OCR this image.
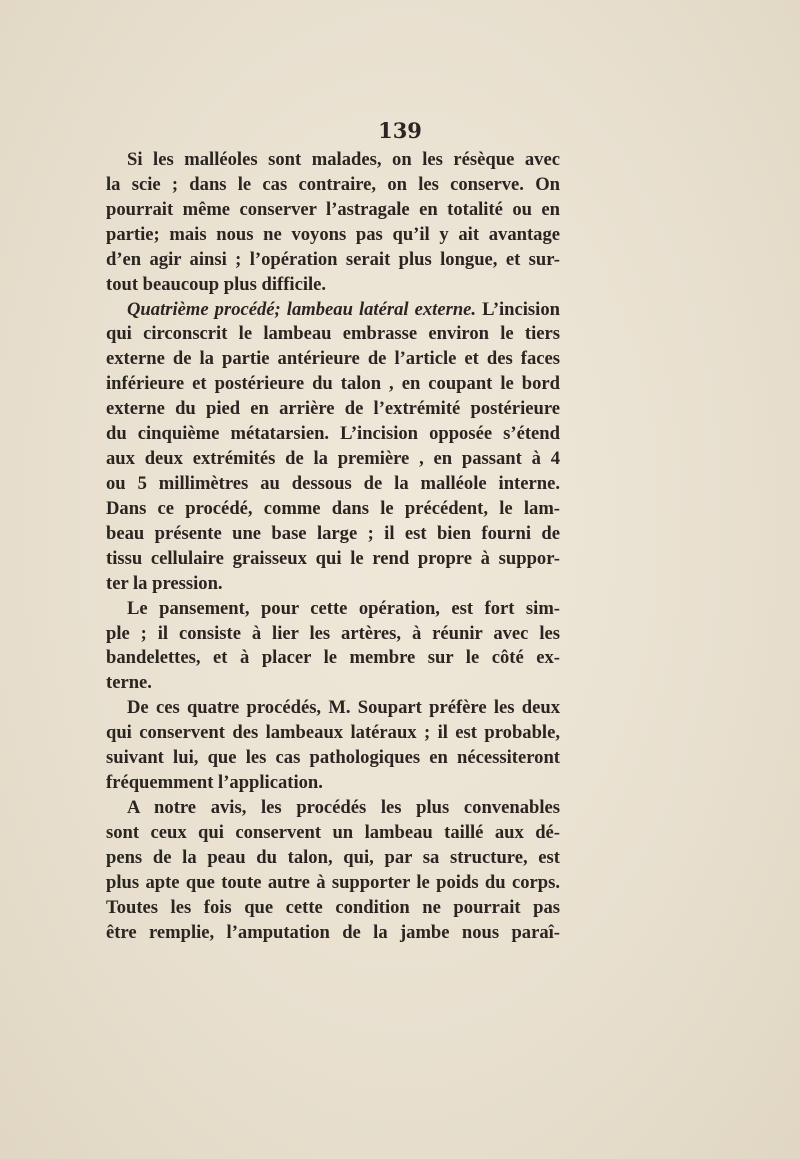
139
Si les malléoles sont malades, on les résèque avec
la scie ; dans le cas contraire, on les conserve. On
pourrait même conserver l’astragale en totalité ou en
partie; mais nous ne voyons pas qu’il y ait avantage
d’en agir ainsi ; l’opération serait plus longue, et sur-
tout beaucoup plus difficile.
Quatrième procédé; lambeau latéral externe. L’incision
qui circonscrit le lambeau embrasse environ le tiers
externe de la partie antérieure de l’article et des faces
inférieure et postérieure du talon , en coupant le bord
externe du pied en arrière de l’extrémité postérieure
du cinquième métatarsien. L’incision opposée s’étend
aux deux extrémités de la première , en passant à 4
ou 5 millimètres au dessous de la malléole interne.
Dans ce procédé, comme dans le précédent, le lam-
beau présente une base large ; il est bien fourni de
tissu cellulaire graisseux qui le rend propre à suppor-
ter la pression.
Le pansement, pour cette opération, est fort sim-
ple ; il consiste à lier les artères, à réunir avec les
bandelettes, et à placer le membre sur le côté ex-
terne.
De ces quatre procédés, M. Soupart préfère les deux
qui conservent des lambeaux latéraux ; il est probable,
suivant lui, que les cas pathologiques en nécessiteront
fréquemment l’application.
A notre avis, les procédés les plus convenables
sont ceux qui conservent un lambeau taillé aux dé-
pens de la peau du talon, qui, par sa structure, est
plus apte que toute autre à supporter le poids du corps.
Toutes les fois que cette condition ne pourrait pas
être remplie, l’amputation de la jambe nous paraî-
